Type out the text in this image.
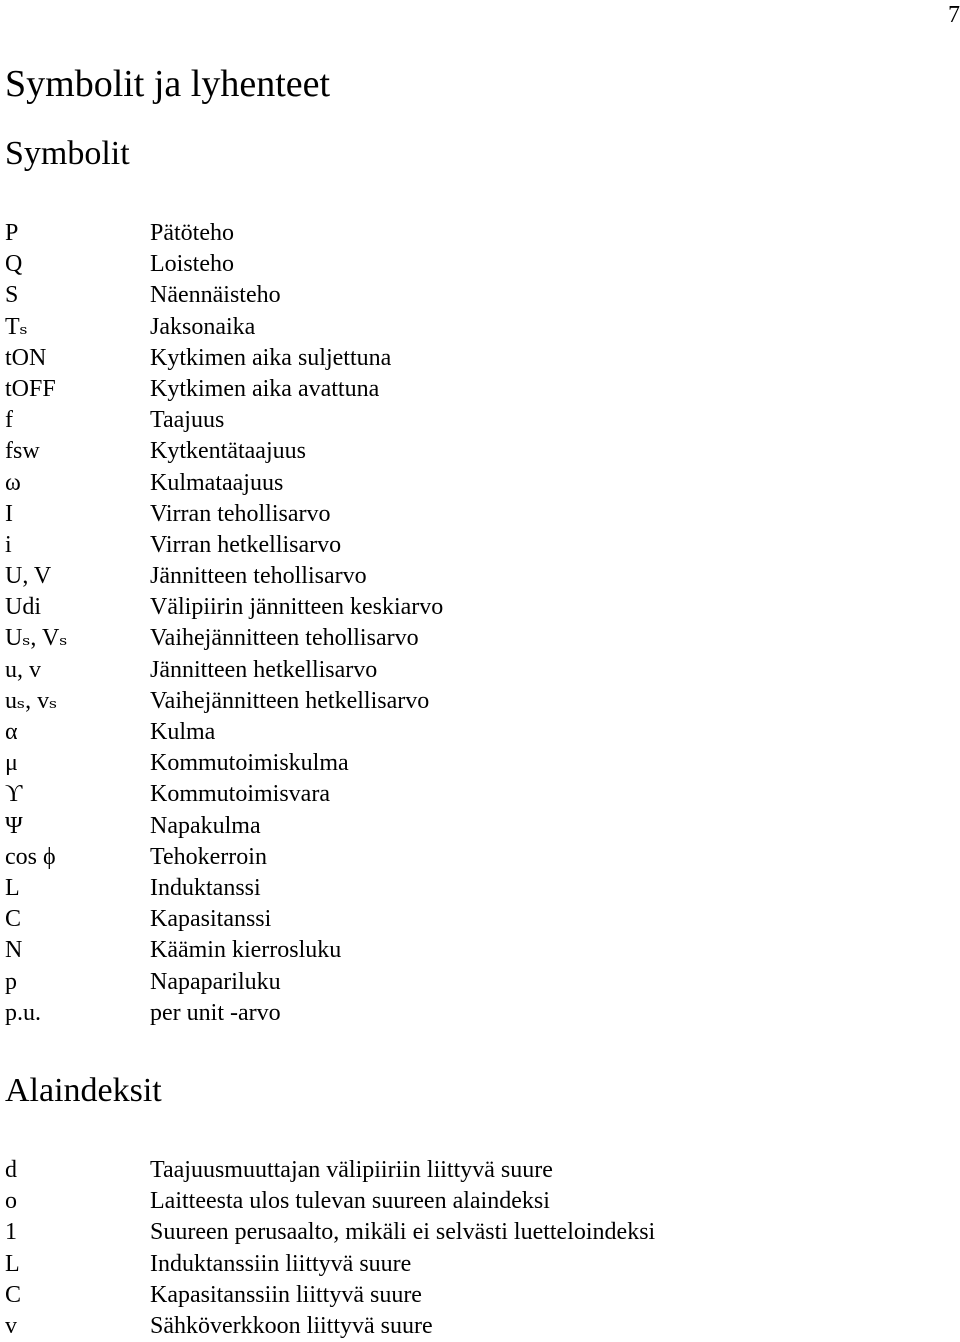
7
Symbolit ja lyhenteet
Symbolit
P	Pätöteho
Q	Loisteho
S	Näennäisteho
Tₛ	Jaksonaika
tON	Kytkimen aika suljettuna
tOFF	Kytkimen aika avattuna
f	Taajuus
fsw	Kytkentätaajuus
ω	Kulmataajuus
I	Virran tehollisarvo
i	Virran hetkellisarvo
U, V	Jännitteen tehollisarvo
Udi	Välipiirin jännitteen keskiarvo
Uₛ, Vₛ	Vaihejännitteen tehollisarvo
u, v	Jännitteen hetkellisarvo
uₛ, vₛ	Vaihejännitteen hetkellisarvo
α	Kulma
μ	Kommutoimiskulma
ϒ	Kommutoimisvara
Ψ	Napakulma
cos ϕ	Tehokerroin
L	Induktanssi
C	Kapasitanssi
N	Käämin kierrosluku
p	Napapariluku
p.u.	per unit -arvo
Alaindeksit
d	Taajuusmuuttajan välipiiriin liittyvä suure
o	Laitteesta ulos tulevan suureen alaindeksi
1	Suureen perusaalto, mikäli ei selvästi luetteloindeksi
L	Induktanssiin liittyvä suure
C	Kapasitanssiin liittyvä suure
v	Sähköverkkoon liittyvä suure
